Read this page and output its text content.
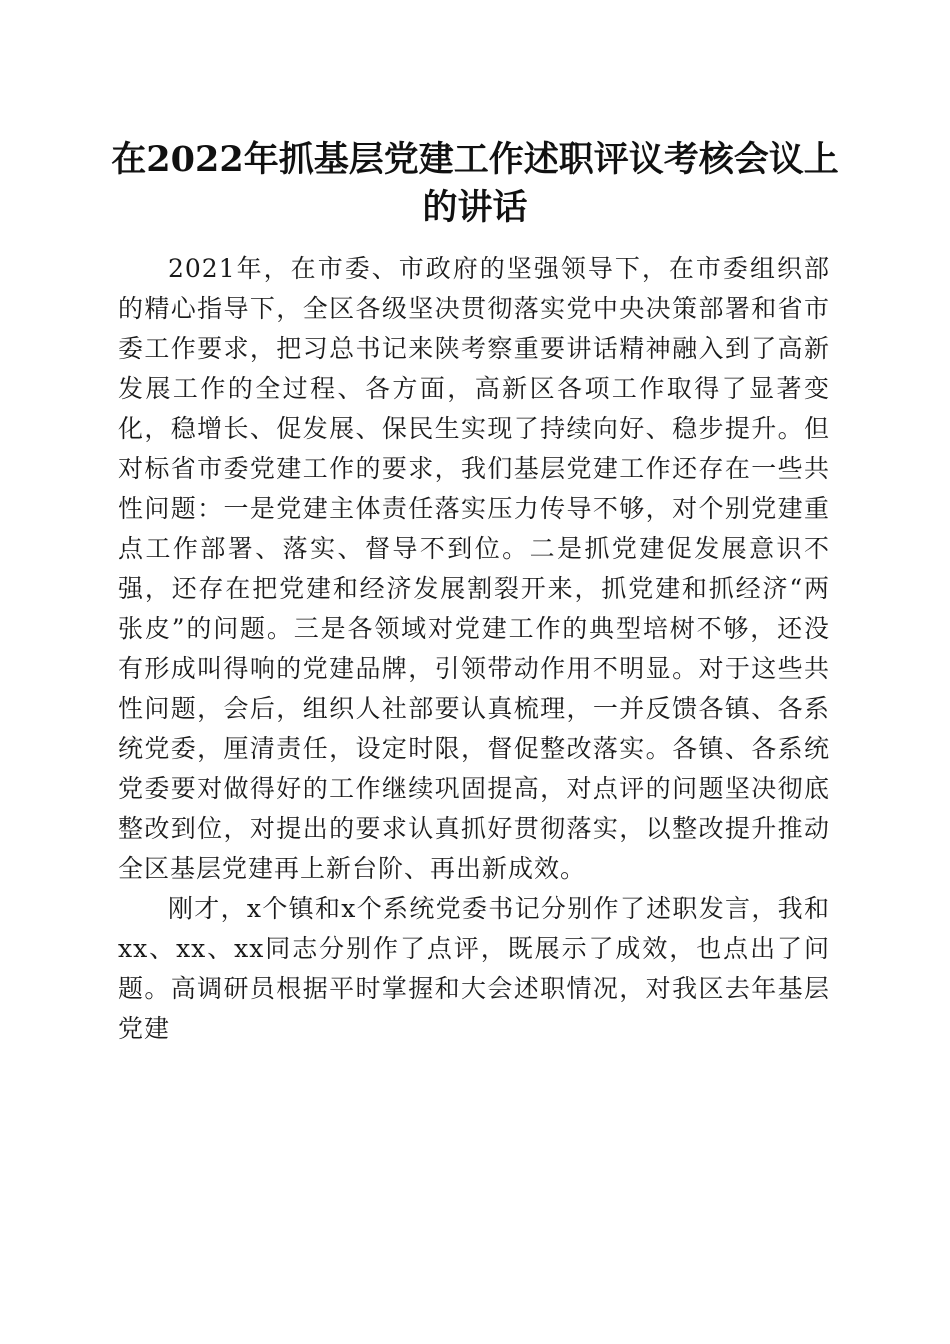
在2022年抓基层党建工作述职评议考核会议上的讲话

2021年，在市委、市政府的坚强领导下，在市委组织部的精心指导下，全区各级坚决贯彻落实党中央决策部署和省市委工作要求，把习总书记来陕考察重要讲话精神融入到了高新发展工作的全过程、各方面，高新区各项工作取得了显著变化，稳增长、促发展、保民生实现了持续向好、稳步提升。但对标省市委党建工作的要求，我们基层党建工作还存在一些共性问题：一是党建主体责任落实压力传导不够，对个别党建重点工作部署、落实、督导不到位。二是抓党建促发展意识不强，还存在把党建和经济发展割裂开来，抓党建和抓经济“两张皮”的问题。三是各领域对党建工作的典型培树不够，还没有形成叫得响的党建品牌，引领带动作用不明显。对于这些共性问题，会后，组织人社部要认真梳理，一并反馈各镇、各系统党委，厘清责任，设定时限，督促整改落实。各镇、各系统党委要对做得好的工作继续巩固提高，对点评的问题坚决彻底整改到位，对提出的要求认真抓好贯彻落实，以整改提升推动全区基层党建再上新台阶、再出新成效。

刚才，x个镇和x个系统党委书记分别作了述职发言，我和xx、xx、xx同志分别作了点评，既展示了成效，也点出了问题。高调研员根据平时掌握和大会述职情况，对我区去年基层党建
